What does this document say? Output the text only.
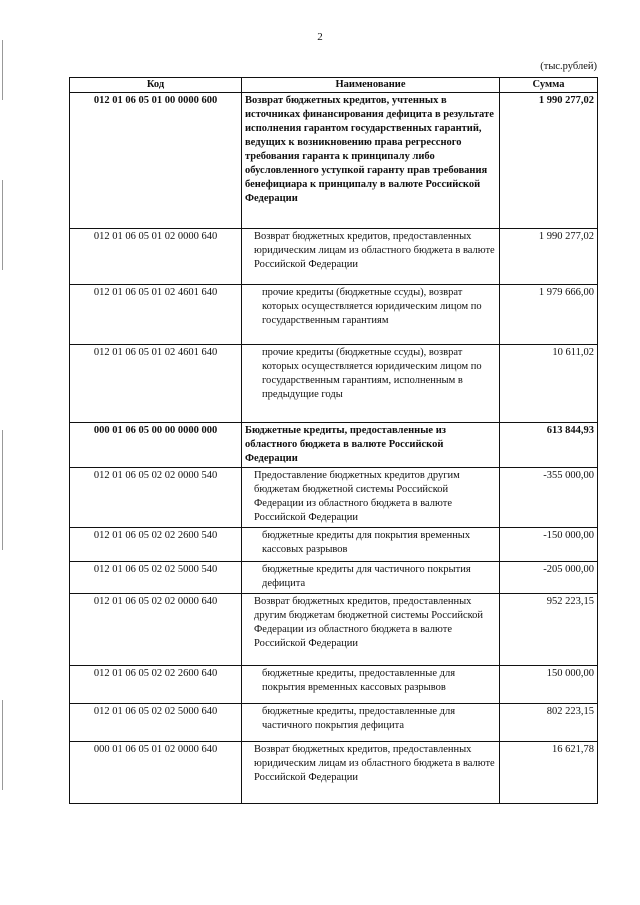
2
(тыс.рублей)
Код	Наименование	Сумма
012 01 06 05 01 00 0000 600	Возврат бюджетных кредитов, учтенных в источниках финансирования дефицита в результате исполнения гарантом государственных гарантий, ведущих к возникновению права регрессного требования гаранта к принципалу либо обусловленного уступкой гаранту прав требования бенефициара к принципалу в валюте Российской Федерации	1 990 277,02
012 01 06 05 01 02 0000 640	Возврат бюджетных кредитов, предоставленных юридическим лицам из областного бюджета в валюте Российской Федерации	1 990 277,02
012 01 06 05 01 02 4601 640	прочие кредиты (бюджетные ссуды), возврат которых осуществляется юридическим лицом по государственным гарантиям	1 979 666,00
012 01 06 05 01 02 4601 640	прочие кредиты (бюджетные ссуды), возврат которых осуществляется юридическим лицом по государствeнным гарантиям, исполненным в предыдущие годы	10 611,02
000 01 06 05 00 00 0000 000	Бюджетные кредиты, предоставленные из областного бюджета в валюте Российской Федерации	613 844,93
012 01 06 05 02 02 0000 540	Предоставление бюджетных кредитов другим бюджетам бюджетной системы Российской Федерации из областного бюджета в валюте Российской Федерации	-355 000,00
012 01 06 05 02 02 2600 540	бюджетные кредиты для покрытия временных кассовых разрывов	-150 000,00
012 01 06 05 02 02 5000 540	бюджетные кредиты для частичного покрытия дефицита	-205 000,00
012 01 06 05 02 02 0000 640	Возврат бюджетных кредитов, предоставленных другим бюджетам бюджетной системы Российской Федерации из областного бюджета в валюте Российской Федерации	952 223,15
012 01 06 05 02 02 2600 640	бюджетные кредиты, предоставленные для покрытия временных кассовых разрывов	150 000,00
012 01 06 05 02 02 5000 640	бюджетные кредиты, предоставленные для частичного покрытия дефицита	802 223,15
000 01 06 05 01 02 0000 640	Возврат бюджетных кредитов, предоставленных юридическим лицам из областного бюджета в валюте Российской Федерации	16 621,78
